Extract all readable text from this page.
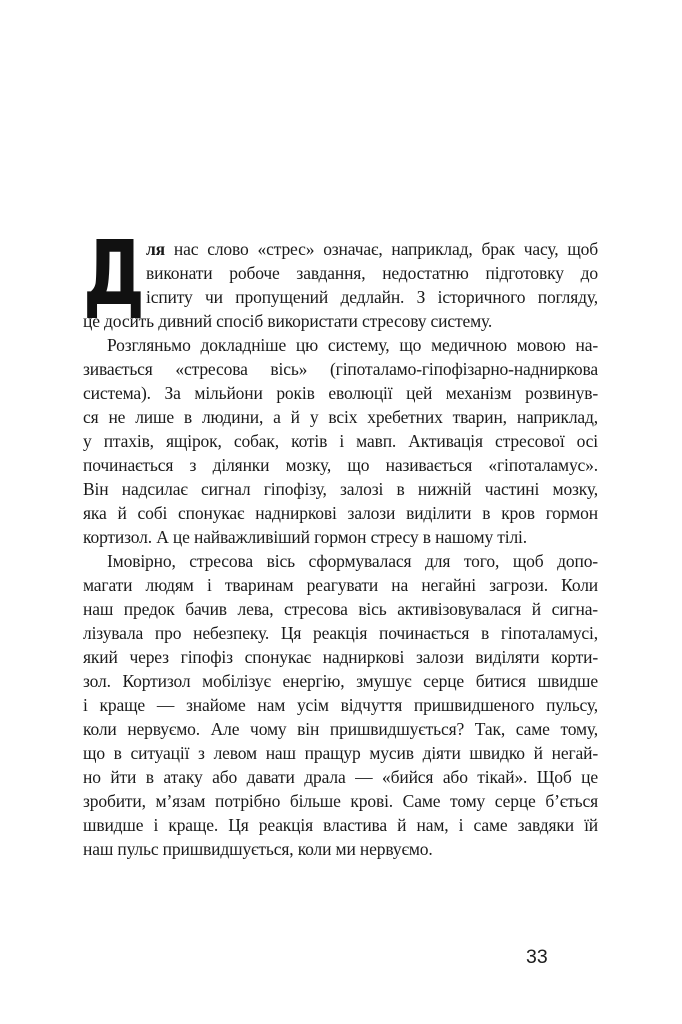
Д ля нас слово «стрес» означає, наприклад, брак часу, щоб
виконати робоче завдання, недостатню підготовку до
іспиту чи пропущений дедлайн. З історичного погляду,
це досить дивний спосіб використати стресову систему.
Розгляньмо докладніше цю систему, що медичною мовою на-
зивається «стресова вісь» (гіпоталамо-гіпофізарно-надниркова
система). За мільйони років еволюції цей механізм розвинув-
ся не лише в людини, а й у всіх хребетних тварин, наприклад,
у птахів, ящірок, собак, котів і мавп. Активація стресової осі
починається з ділянки мозку, що називається «гіпоталамус».
Він надсилає сигнал гіпофізу, залозі в нижній частині мозку,
яка й собі спонукає надниркові залози виділити в кров гормон
кортизол. А це найважливіший гормон стресу в нашому тілі.
Імовірно, стресова вісь сформувалася для того, щоб допо-
магати людям і тваринам реагувати на негайні загрози. Коли
наш предок бачив лева, стресова вісь активізовувалася й сигна-
лізувала про небезпеку. Ця реакція починається в гіпоталамусі,
який через гіпофіз спонукає надниркові залози виділяти корти-
зол. Кортизол мобілізує енергію, змушує серце битися швидше
і краще — знайоме нам усім відчуття пришвидшеного пульсу,
коли нервуємо. Але чому він пришвидшується? Так, саме тому,
що в ситуації з левом наш пращур мусив діяти швидко й негай-
но йти в атаку або давати драла — «бийся або тікай». Щоб це
зробити, м’язам потрібно більше крові. Саме тому серце б’ється
швидше і краще. Ця реакція властива й нам, і саме завдяки їй
наш пульс пришвидшується, коли ми нервуємо.
33
